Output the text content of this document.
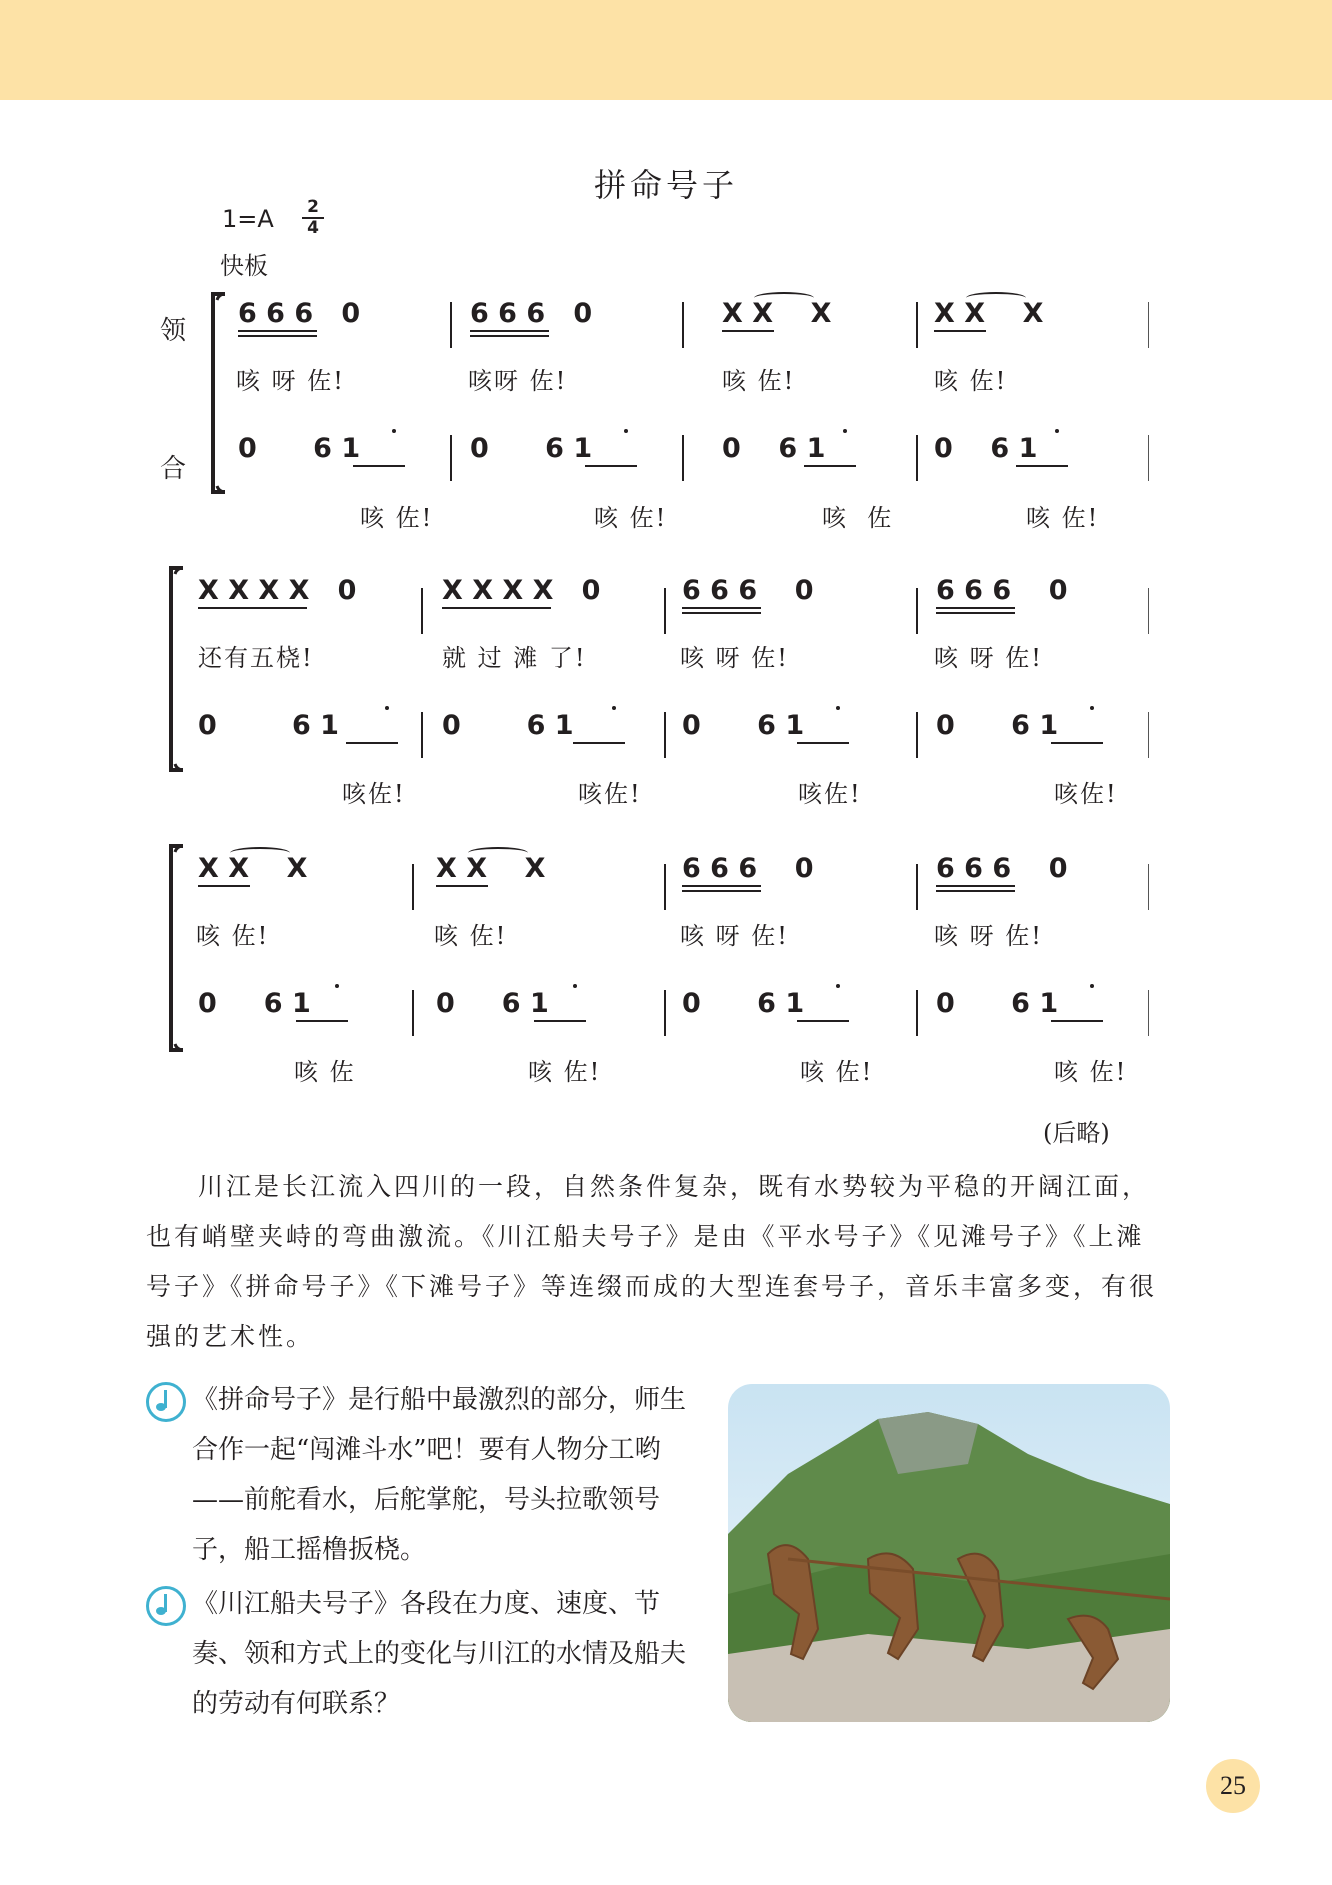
拼命号子
$1=A \frac{2}{4}$
快板
领
合
6 6 6   0	6 6 6   0	X X    X	X X    X
咳 呀 佐!	咳呀 佐!	咳 佐!	咳 佐!
0      6 1	0      6 1	0    6 1	0    6 1
咳 佐!	咳 佐!	咳  佐	咳 佐!
X X X X   0	X X X X   0	6 6 6    0	6 6 6    0
还有五桡!	就 过 滩 了!	咳 呀 佐!	咳 呀 佐!
0        6 1	0       6 1	0      6 1	0      6 1
咳佐!	咳佐!	咳佐!	咳佐!
X X    X	X X    X	6 6 6    0	6 6 6    0
咳 佐!	咳 佐!	咳 呀 佐!	咳 呀 佐!
0     6 1	0     6 1	0      6 1	0      6 1
咳 佐	咳 佐!	咳 佐!	咳 佐!
(后略)
川江是长江流入四川的一段，自然条件复杂，既有水势较为平稳的开阔江面，也有峭壁夹峙的弯曲激流。《川江船夫号子》是由《平水号子》《见滩号子》《上滩号子》《拼命号子》《下滩号子》等连缀而成的大型连套号子，音乐丰富多变，有很强的艺术性。
《拼命号子》是行船中最激烈的部分，师生合作一起“闯滩斗水”吧！要有人物分工哟——前舵看水，后舵掌舵，号头拉歌领号子，船工摇橹扳桡。
《川江船夫号子》各段在力度、速度、节奏、领和方式上的变化与川江的水情及船夫的劳动有何联系？
25
